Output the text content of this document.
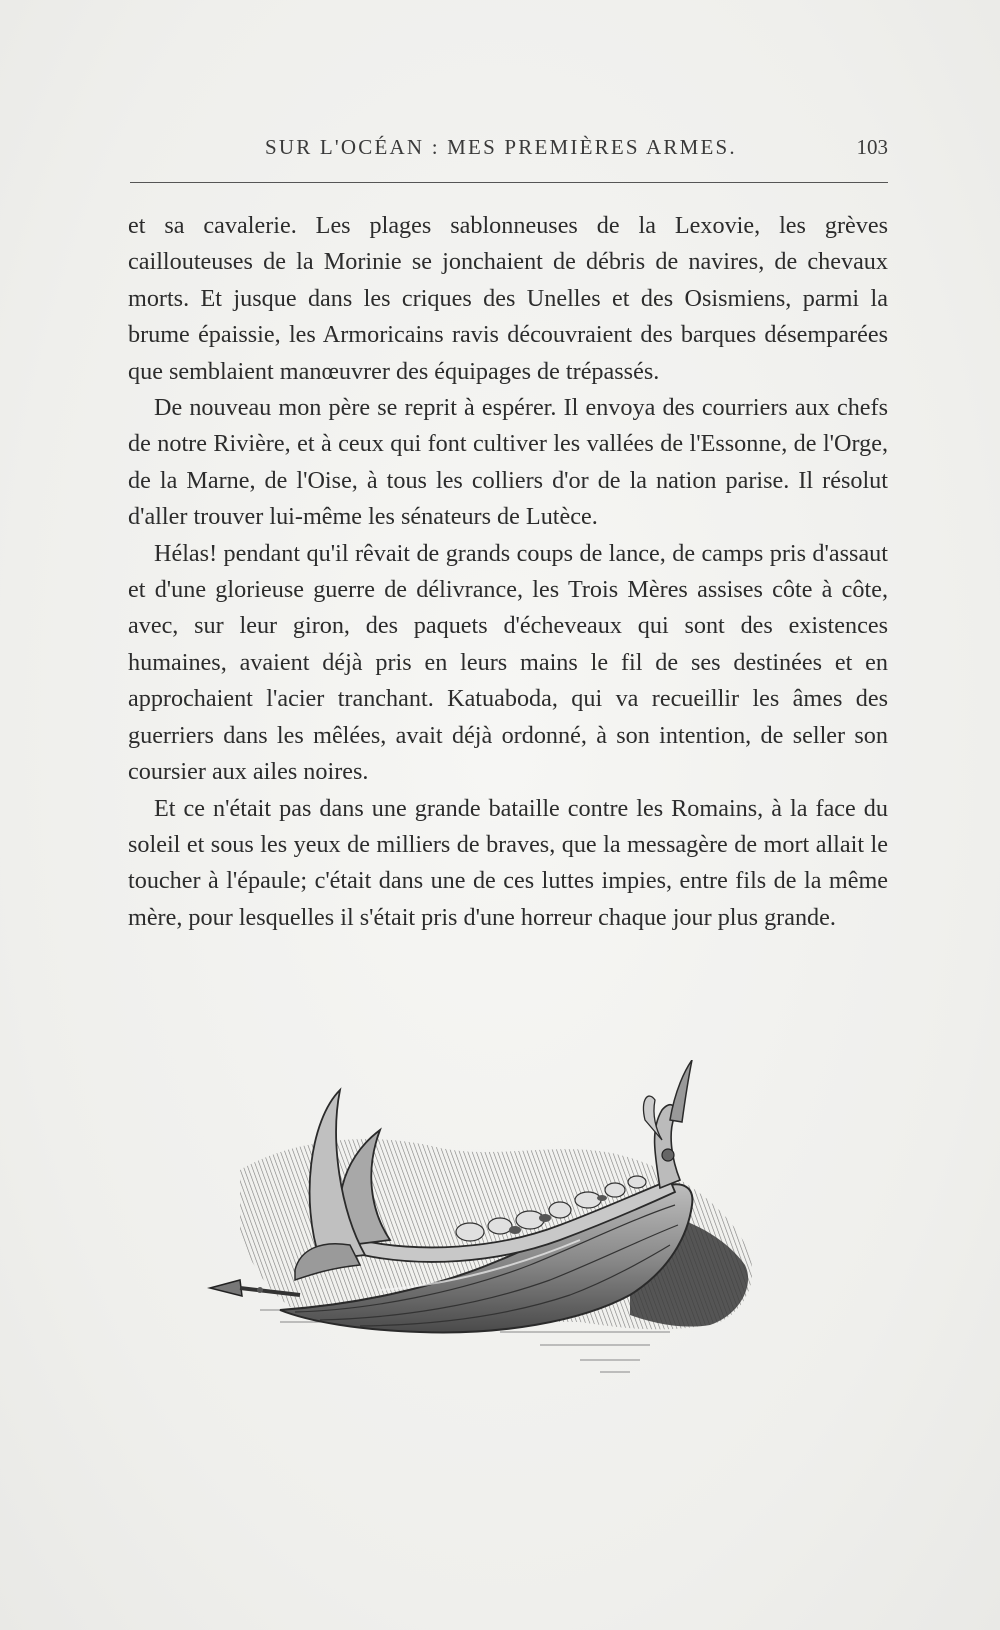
SUR L'OCÉAN : MES PREMIÈRES ARMES.	103

et sa cavalerie. Les plages sablonneuses de la Lexovie, les grèves caillouteuses de la Morinie se jonchaient de débris de navires, de chevaux morts. Et jusque dans les criques des Unelles et des Osismiens, parmi la brume épaissie, les Armoricains ravis découvraient des barques désemparées que semblaient manœuvrer des équipages de trépassés.

De nouveau mon père se reprit à espérer. Il envoya des courriers aux chefs de notre Rivière, et à ceux qui font cultiver les vallées de l'Essonne, de l'Orge, de la Marne, de l'Oise, à tous les colliers d'or de la nation parise. Il résolut d'aller trouver lui-même les sénateurs de Lutèce.

Hélas! pendant qu'il rêvait de grands coups de lance, de camps pris d'assaut et d'une glorieuse guerre de délivrance, les Trois Mères assises côte à côte, avec, sur leur giron, des paquets d'écheveaux qui sont des existences humaines, avaient déjà pris en leurs mains le fil de ses destinées et en approchaient l'acier tranchant. Katuaboda, qui va recueillir les âmes des guerriers dans les mêlées, avait déjà ordonné, à son intention, de seller son coursier aux ailes noires.

Et ce n'était pas dans une grande bataille contre les Romains, à la face du soleil et sous les yeux de milliers de braves, que la messagère de mort allait le toucher à l'épaule; c'était dans une de ces luttes impies, entre fils de la même mère, pour lesquelles il s'était pris d'une horreur chaque jour plus grande.
